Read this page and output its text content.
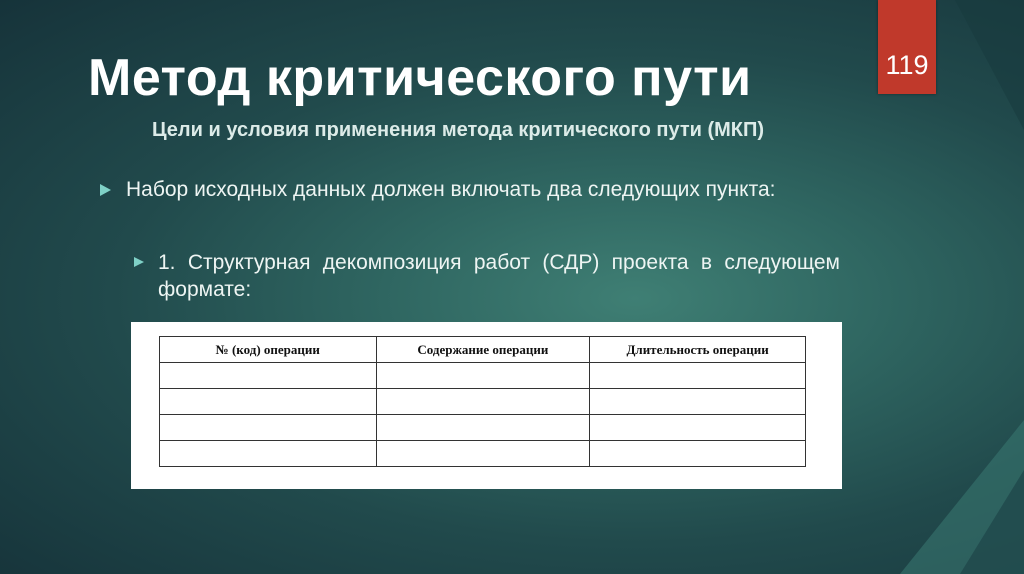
119
Метод критического пути
Цели и условия применения метода критического пути (МКП)
Набор исходных данных должен включать два следующих пункта:
1. Структурная декомпозиция работ (СДР) проекта в следующем формате:
№ (код) операции	Содержание операции	Длительность операции
